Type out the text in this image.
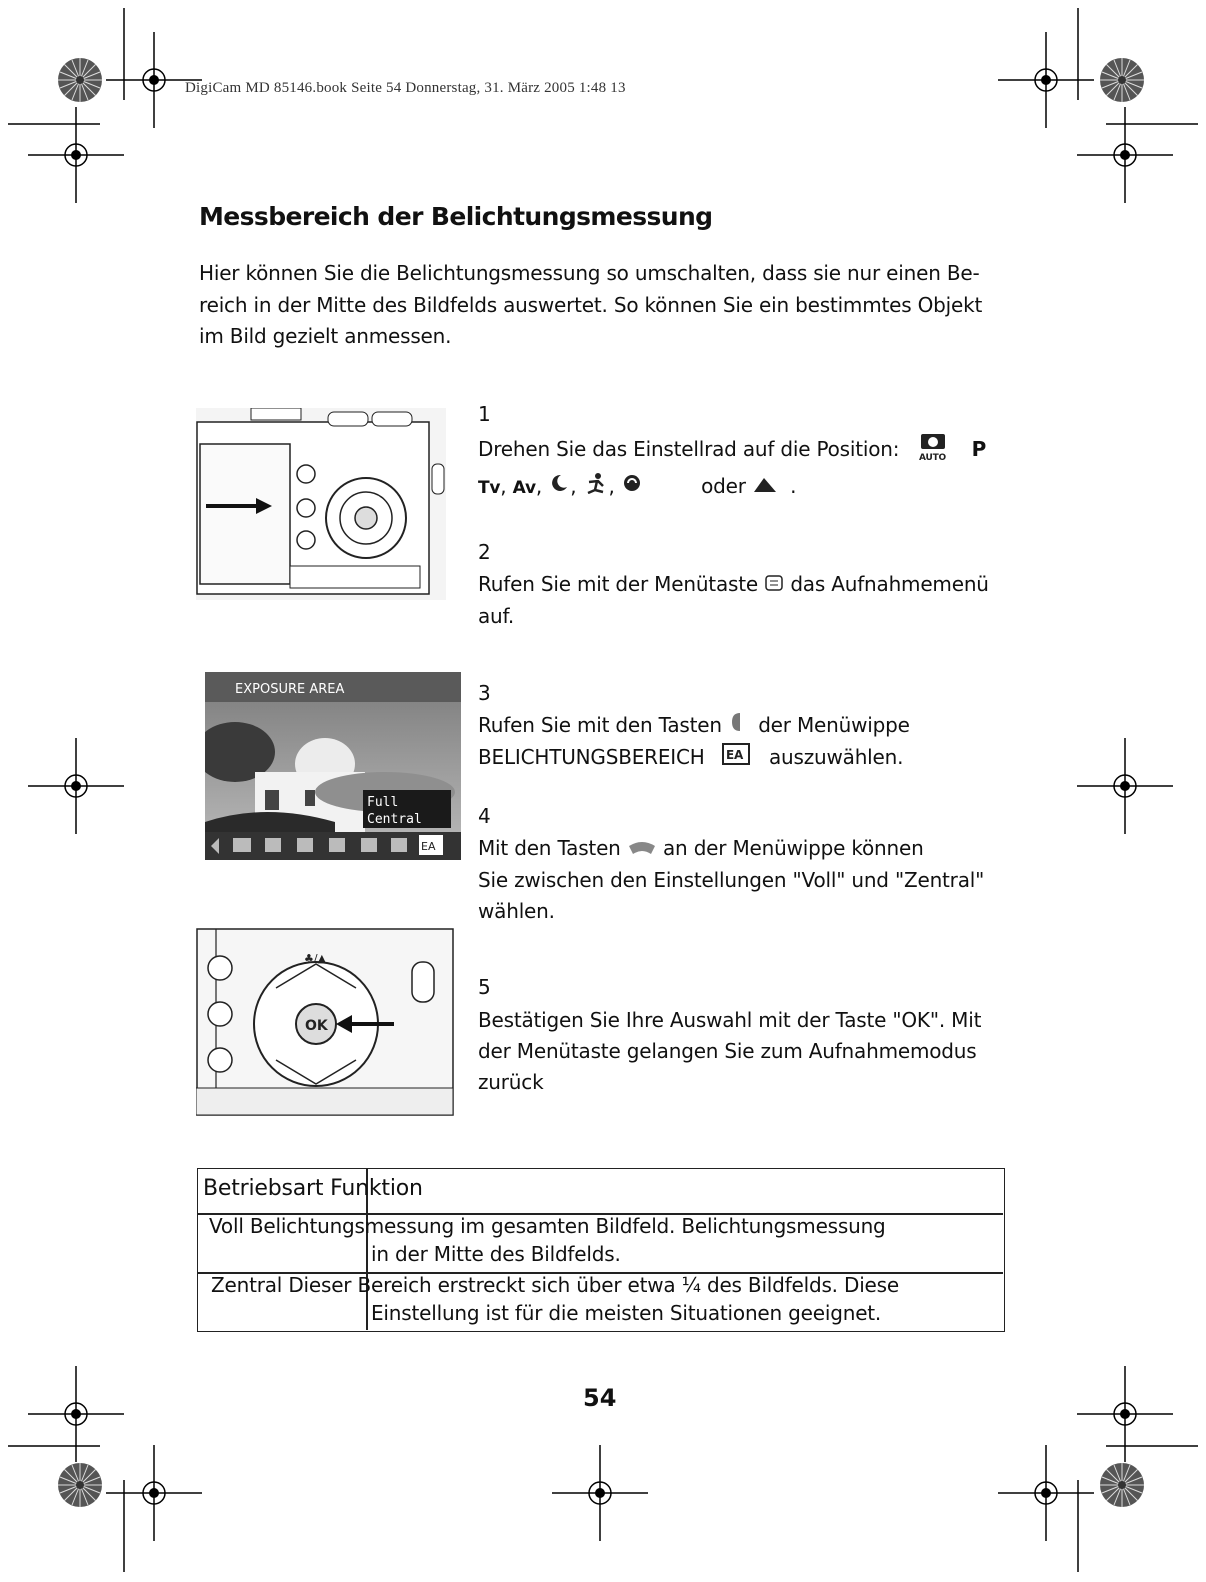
DigiCam MD 85146.book Seite 54 Donnerstag, 31. März 2005 1:48 13
Messbereich der Belichtungsmessung
Hier können Sie die Belichtungsmessung so umschalten, dass sie nur einen Be-
reich in der Mitte des Bildfelds auswertet. So können Sie ein bestimmtes Objekt
im Bild gezielt anmessen.
1
Drehen Sie das Einstellrad auf die Position: AUTO P
Tv, Av, , ,	oder .
2
Rufen Sie mit der Menütaste das Aufnahmemenü
auf.
EXPOSURE AREA
Full
Central
EA
3
Rufen Sie mit den Tasten der Menüwippe
BELICHTUNGSBEREICH EA auszuwählen.
4
Mit den Tasten an der Menüwippe können
Sie zwischen den Einstellungen "Voll" und "Zentral"
wählen.
OK
♣/▲
5
Bestätigen Sie Ihre Auswahl mit der Taste "OK". Mit
der Menütaste gelangen Sie zum Aufnahmemodus
zurück
Betriebsart Funktion
Voll Belichtungsmessung im gesamten Bildfeld. Belichtungsmessung
in der Mitte des Bildfelds.
Zentral Dieser Bereich erstreckt sich über etwa ¼ des Bildfelds. Diese
Einstellung ist für die meisten Situationen geeignet.
54
